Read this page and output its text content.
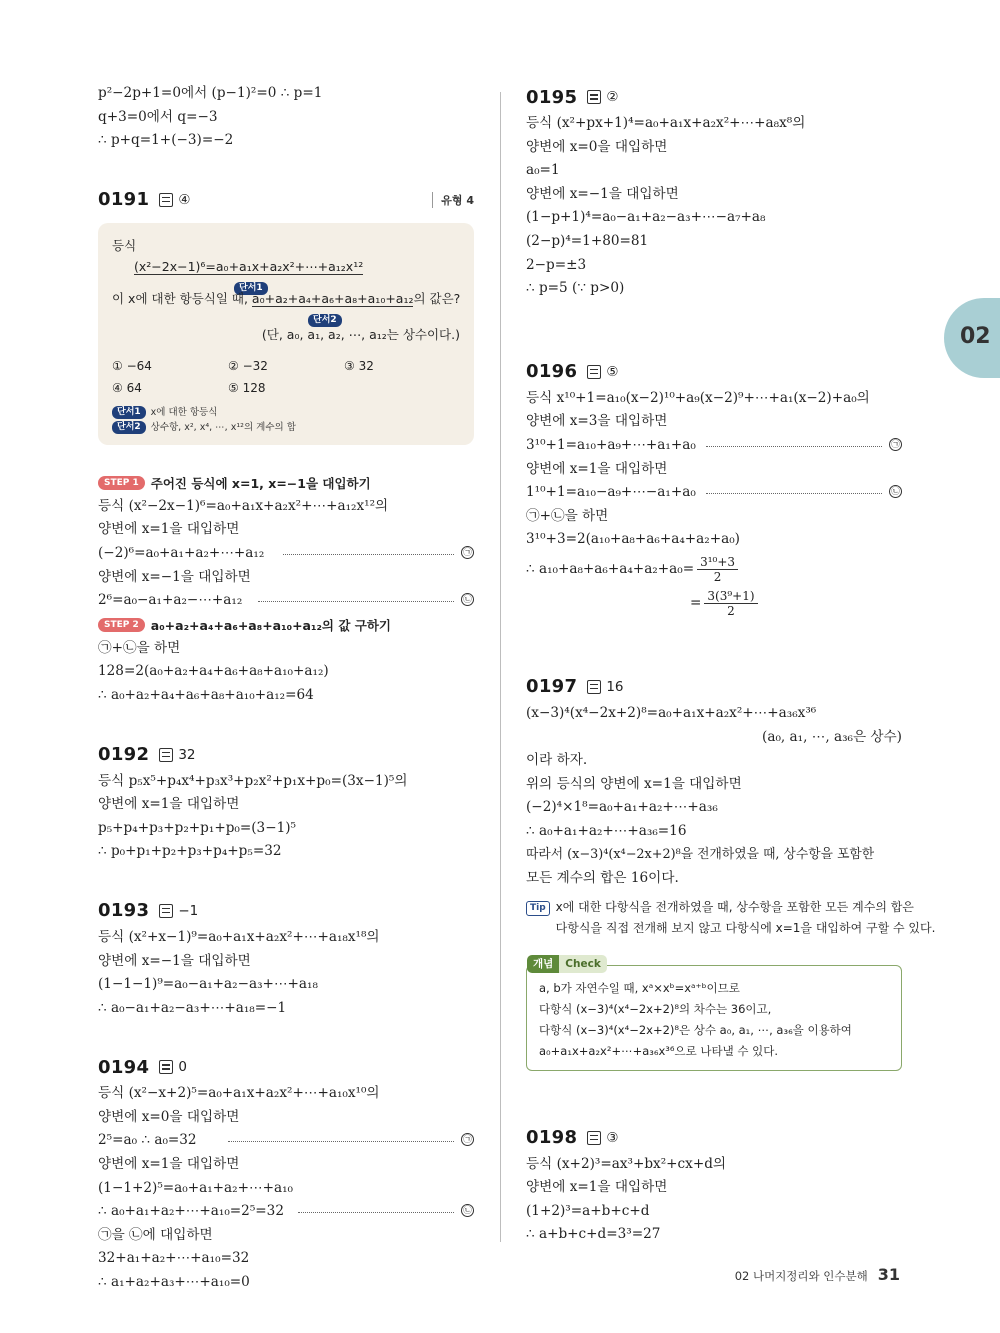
02

p²−2p+1=0에서 (p−1)²=0 ∴ p=1

q+3=0에서 q=−3

∴ p+q=1+(−3)=−2

0191 ④	유형 4

등식

(x²−2x−1)⁶=a₀+a₁x+a₂x²+⋯+a₁₂x¹²

단서1

이 x에 대한 항등식일 때, a₀+a₂+a₄+a₆+a₈+a₁₀+a₁₂의 값은?

단서2

(단, a₀, a₁, a₂, ⋯, a₁₂는 상수이다.)

① −64	② −32	③ 32
④ 64	⑤ 128
단서1	x에 대한 항등식
단서2	상수항, x², x⁴, ⋯, x¹²의 계수의 합
STEP 1 주어진 등식에 x=1, x=−1을 대입하기

등식 (x²−2x−1)⁶=a₀+a₁x+a₂x²+⋯+a₁₂x¹²의

양변에 x=1을 대입하면

(−2)⁶=a₀+a₁+a₂+⋯+a₁₂	㉠

양변에 x=−1을 대입하면

2⁶=a₀−a₁+a₂−⋯+a₁₂	㉡

STEP 2 a₀+a₂+a₄+a₆+a₈+a₁₀+a₁₂의 값 구하기

㉠+㉡을 하면

128=2(a₀+a₂+a₄+a₆+a₈+a₁₀+a₁₂)

∴ a₀+a₂+a₄+a₆+a₈+a₁₀+a₁₂=64

0192 32

등식 p₅x⁵+p₄x⁴+p₃x³+p₂x²+p₁x+p₀=(3x−1)⁵의

양변에 x=1을 대입하면

p₅+p₄+p₃+p₂+p₁+p₀=(3−1)⁵

∴ p₀+p₁+p₂+p₃+p₄+p₅=32

0193 −1

등식 (x²+x−1)⁹=a₀+a₁x+a₂x²+⋯+a₁₈x¹⁸의

양변에 x=−1을 대입하면

(1−1−1)⁹=a₀−a₁+a₂−a₃+⋯+a₁₈

∴ a₀−a₁+a₂−a₃+⋯+a₁₈=−1

0194 0

등식 (x²−x+2)⁵=a₀+a₁x+a₂x²+⋯+a₁₀x¹⁰의

양변에 x=0을 대입하면

2⁵=a₀ ∴ a₀=32	㉠

양변에 x=1을 대입하면

(1−1+2)⁵=a₀+a₁+a₂+⋯+a₁₀

∴ a₀+a₁+a₂+⋯+a₁₀=2⁵=32	㉡

㉠을 ㉡에 대입하면

32+a₁+a₂+⋯+a₁₀=32

∴ a₁+a₂+a₃+⋯+a₁₀=0

0195 ②

등식 (x²+px+1)⁴=a₀+a₁x+a₂x²+⋯+a₈x⁸의

양변에 x=0을 대입하면

a₀=1

양변에 x=−1을 대입하면

(1−p+1)⁴=a₀−a₁+a₂−a₃+⋯−a₇+a₈

(2−p)⁴=1+80=81

2−p=±3

∴ p=5 (∵ p>0)

0196 ⑤

등식 x¹⁰+1=a₁₀(x−2)¹⁰+a₉(x−2)⁹+⋯+a₁(x−2)+a₀의

양변에 x=3을 대입하면

3¹⁰+1=a₁₀+a₉+⋯+a₁+a₀	㉠

양변에 x=1을 대입하면

1¹⁰+1=a₁₀−a₉+⋯−a₁+a₀	㉡

㉠+㉡을 하면

3¹⁰+3=2(a₁₀+a₈+a₆+a₄+a₂+a₀)

∴ $a_{10}+a_8+a_6+a_4+a_2+a_0= \frac{\text{3¹⁰+3}}{2}$

= $\frac{\text{3(3⁹+1)}}{2}$

0197 16

(x−3)⁴(x⁴−2x+2)⁸=a₀+a₁x+a₂x²+⋯+a₃₆x³⁶

(a₀, a₁, ⋯, a₃₆은 상수)

이라 하자.

위의 등식의 양변에 x=1을 대입하면

(−2)⁴×1⁸=a₀+a₁+a₂+⋯+a₃₆

∴ a₀+a₁+a₂+⋯+a₃₆=16

따라서 (x−3)⁴(x⁴−2x+2)⁸을 전개하였을 때, 상수항을 포함한

모든 계수의 합은 16이다.

Tip x에 대한 다항식을 전개하였을 때, 상수항을 포함한 모든 계수의 합은
다항식을 직접 전개해 보지 않고 다항식에 x=1을 대입하여 구할 수 있다.
개념	Check

a, b가 자연수일 때, xᵃ×xᵇ=xᵃ⁺ᵇ이므로

다항식 (x−3)⁴(x⁴−2x+2)⁸의 차수는 36이고,

다항식 (x−3)⁴(x⁴−2x+2)⁸은 상수 a₀, a₁, ⋯, a₃₆을 이용하여

a₀+a₁x+a₂x²+⋯+a₃₆x³⁶으로 나타낼 수 있다.

0198 ③

등식 (x+2)³=ax³+bx²+cx+d의

양변에 x=1을 대입하면

(1+2)³=a+b+c+d

∴ a+b+c+d=3³=27

02 나머지정리와 인수분해 31
